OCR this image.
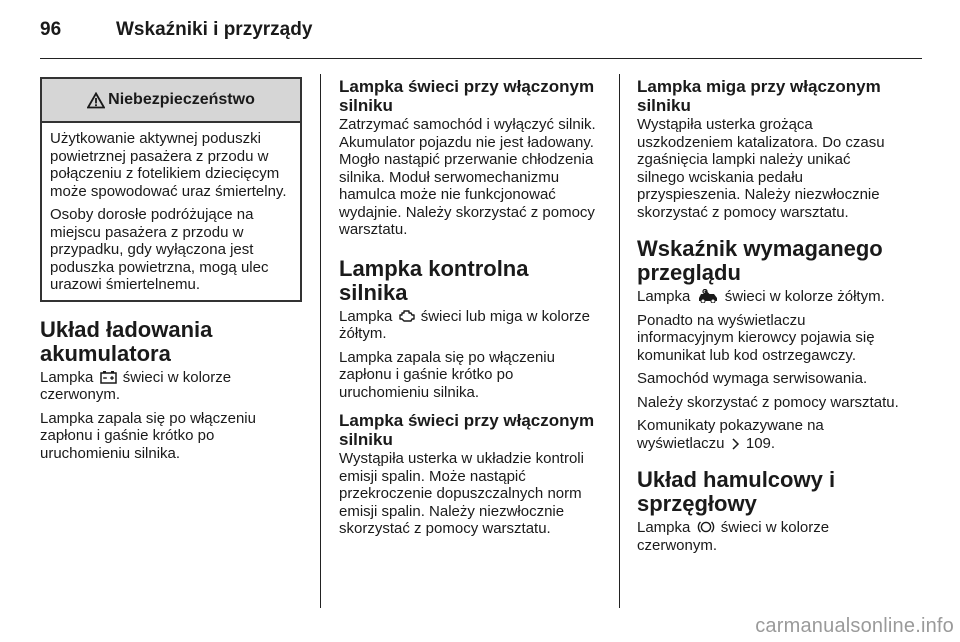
96	Wskaźniki i przyrządy
Niebezpieczeństwo

Użytkowanie aktywnej poduszki powietrznej pasażera z przodu w połączeniu z fotelikiem dziecięcym może spowodować uraz śmiertelny.

Osoby dorosłe podróżujące na miejscu pasażera z przodu w przypadku, gdy wyłączona jest poduszka powietrzna, mogą ulec urazowi śmiertelnemu.

Układ ładowania akumulatora

Lampka świeci w kolorze czerwonym.

Lampka zapala się po włączeniu zapłonu i gaśnie krótko po uruchomieniu silnika.

Lampka świeci przy włączonym silniku

Zatrzymać samochód i wyłączyć silnik. Akumulator pojazdu nie jest ładowany. Mogło nastąpić przerwanie chłodzenia silnika. Moduł serwomechanizmu hamulca może nie funkcjonować wydajnie. Należy skorzystać z pomocy warsztatu.

Lampka kontrolna silnika

Lampka świeci lub miga w kolorze żółtym.

Lampka zapala się po włączeniu zapłonu i gaśnie krótko po uruchomieniu silnika.

Lampka świeci przy włączonym silniku

Wystąpiła usterka w układzie kontroli emisji spalin. Może nastąpić przekroczenie dopuszczalnych norm emisji spalin. Należy niezwłocznie skorzystać z pomocy warsztatu.

Lampka miga przy włączonym silniku

Wystąpiła usterka grożąca uszkodzeniem katalizatora. Do czasu zgaśnięcia lampki należy unikać silnego wciskania pedału przyspieszenia. Należy niezwłocznie skorzystać z pomocy warsztatu.

Wskaźnik wymaganego przeglądu

Lampka świeci w kolorze żółtym.

Ponadto na wyświetlaczu informacyjnym kierowcy pojawia się komunikat lub kod ostrzegawczy.

Samochód wymaga serwisowania.

Należy skorzystać z pomocy warsztatu.

Komunikaty pokazywane na wyświetlaczu 109.

Układ hamulcowy i sprzęgłowy

Lampka świeci w kolorze czerwonym.

carmanualsonline.info
